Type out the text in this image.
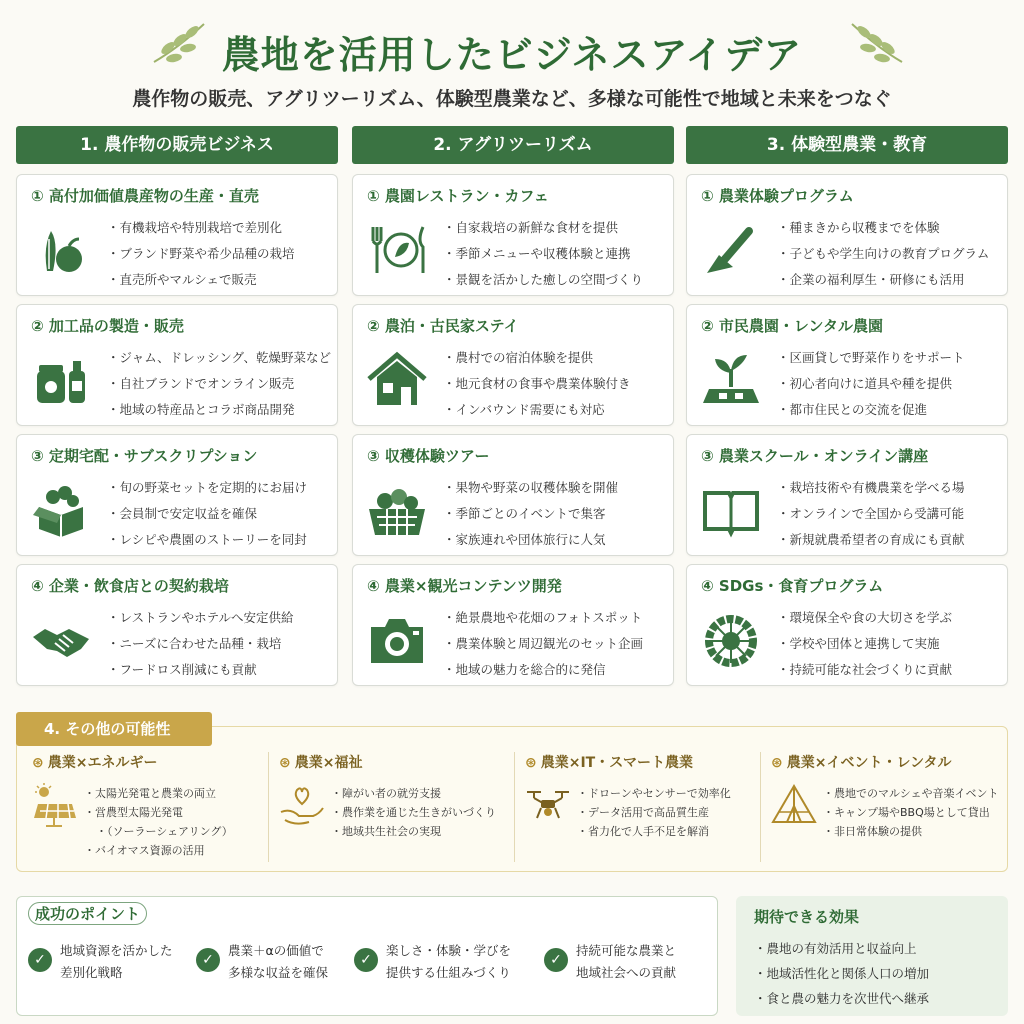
農地を活用したビジネスアイデア
農作物の販売、アグリツーリズム、体験型農業など、多様な可能性で地域と未来をつなぐ
1. 農作物の販売ビジネス	2. アグリツーリズム	3. 体験型農業・教育
① 高付加価値農産物の生産・直売
・ 有機栽培や特別栽培で差別化
・ ブランド野菜や希少品種の栽培
・ 直売所やマルシェで販売
② 加工品の製造・販売
・ ジャム、ドレッシング、乾燥野菜など
・ 自社ブランドでオンライン販売
・ 地域の特産品とコラボ商品開発
③ 定期宅配・サブスクリプション
・ 旬の野菜セットを定期的にお届け
・ 会員制で安定収益を確保
・ レシピや農園のストーリーを同封
④ 企業・飲食店との契約栽培
・ レストランやホテルへ安定供給
・ ニーズに合わせた品種・栽培
・ フードロス削減にも貢献
① 農園レストラン・カフェ
・ 自家栽培の新鮮な食材を提供
・ 季節メニューや収穫体験と連携
・ 景観を活かした癒しの空間づくり
② 農泊・古民家ステイ
・ 農村での宿泊体験を提供
・ 地元食材の食事や農業体験付き
・ インバウンド需要にも対応
③ 収穫体験ツアー
・ 果物や野菜の収穫体験を開催
・ 季節ごとのイベントで集客
・ 家族連れや団体旅行に人気
④ 農業×観光コンテンツ開発
・ 絶景農地や花畑のフォトスポット
・ 農業体験と周辺観光のセット企画
・ 地域の魅力を総合的に発信
① 農業体験プログラム
・ 種まきから収穫までを体験
・ 子どもや学生向けの教育プログラム
・ 企業の福利厚生・研修にも活用
② 市民農園・レンタル農園
・ 区画貸しで野菜作りをサポート
・ 初心者向けに道具や種を提供
・ 都市住民との交流を促進
③ 農業スクール・オンライン講座
・ 栽培技術や有機農業を学べる場
・ オンラインで全国から受講可能
・ 新規就農希望者の育成にも貢献
④ SDGs・食育プログラム
・ 環境保全や食の大切さを学ぶ
・ 学校や団体と連携して実施
・ 持続可能な社会づくりに貢献
4. その他の可能性
⊛ 農業×エネルギー
・ 太陽光発電と農業の両立
・ 営農型太陽光発電
・ （ソーラーシェアリング）
・ バイオマス資源の活用
⊛ 農業×福祉
・ 障がい者の就労支援
・ 農作業を通じた生きがいづくり
・ 地域共生社会の実現
⊛ 農業×IT・スマート農業
・ ドローンやセンサーで効率化
・ データ活用で高品質生産
・ 省力化で人手不足を解消
⊛ 農業×イベント・レンタル
・ 農地でのマルシェや音楽イベント
・ キャンプ場やBBQ場として貸出
・ 非日常体験の提供
成功のポイント
✓
地域資源を活かした
差別化戦略
✓
農業＋αの価値で
多様な収益を確保
✓
楽しさ・体験・学びを
提供する仕組みづくり
✓
持続可能な農業と
地域社会への貢献
期待できる効果
・ 農地の有効活用と収益向上
・ 地域活性化と関係人口の増加
・ 食と農の魅力を次世代へ継承
